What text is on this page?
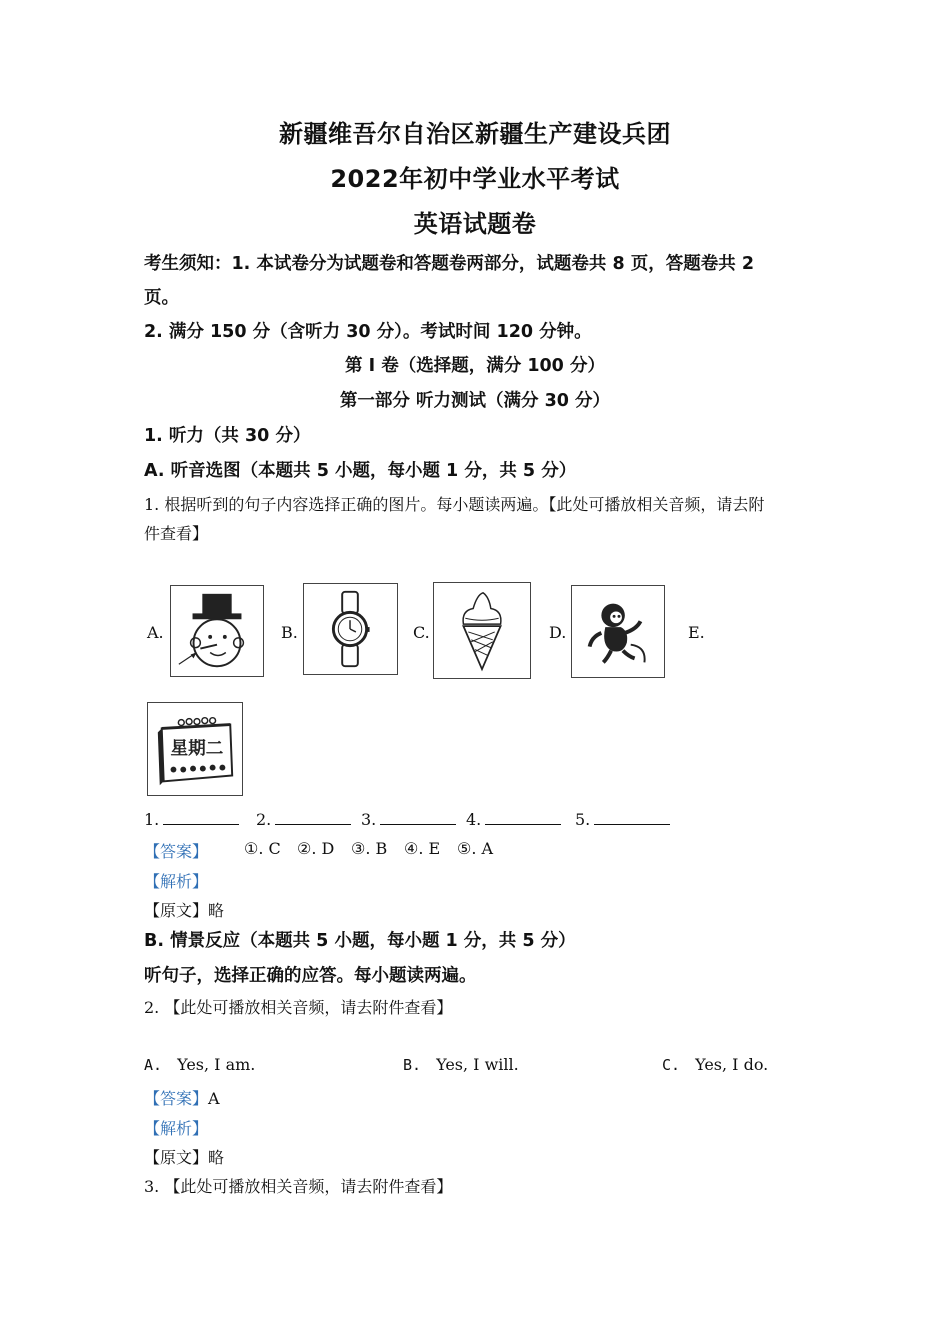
新疆维吾尔自治区新疆生产建设兵团
2022年初中学业水平考试
英语试题卷
考生须知：1. 本试卷分为试题卷和答题卷两部分，试题卷共 8 页，答题卷共 2
页。
2. 满分 150 分（含听力 30 分）。考试时间 120 分钟。
第 I 卷（选择题，满分 100 分）
第一部分 听力测试（满分 30 分）
1. 听力（共 30 分）
A. 听音选图（本题共 5 小题，每小题 1 分，共 5 分）
1. 根据听到的句子内容选择正确的图片。每小题读两遍。【此处可播放相关音频，请去附
件查看】
A.	B.	C.	D.	E.
星期二
1.	2.	3.	4.	5.
【答案】 ①. C ②. D ③. B ④. E ⑤. A
【解析】
【原文】略
B. 情景反应（本题共 5 小题，每小题 1 分，共 5 分）
听句子，选择正确的应答。每小题读两遍。
2. 【此处可播放相关音频，请去附件查看】
A. Yes, I am.	B. Yes, I will.	C. Yes, I do.
【答案】A
【解析】
【原文】略
3. 【此处可播放相关音频，请去附件查看】
